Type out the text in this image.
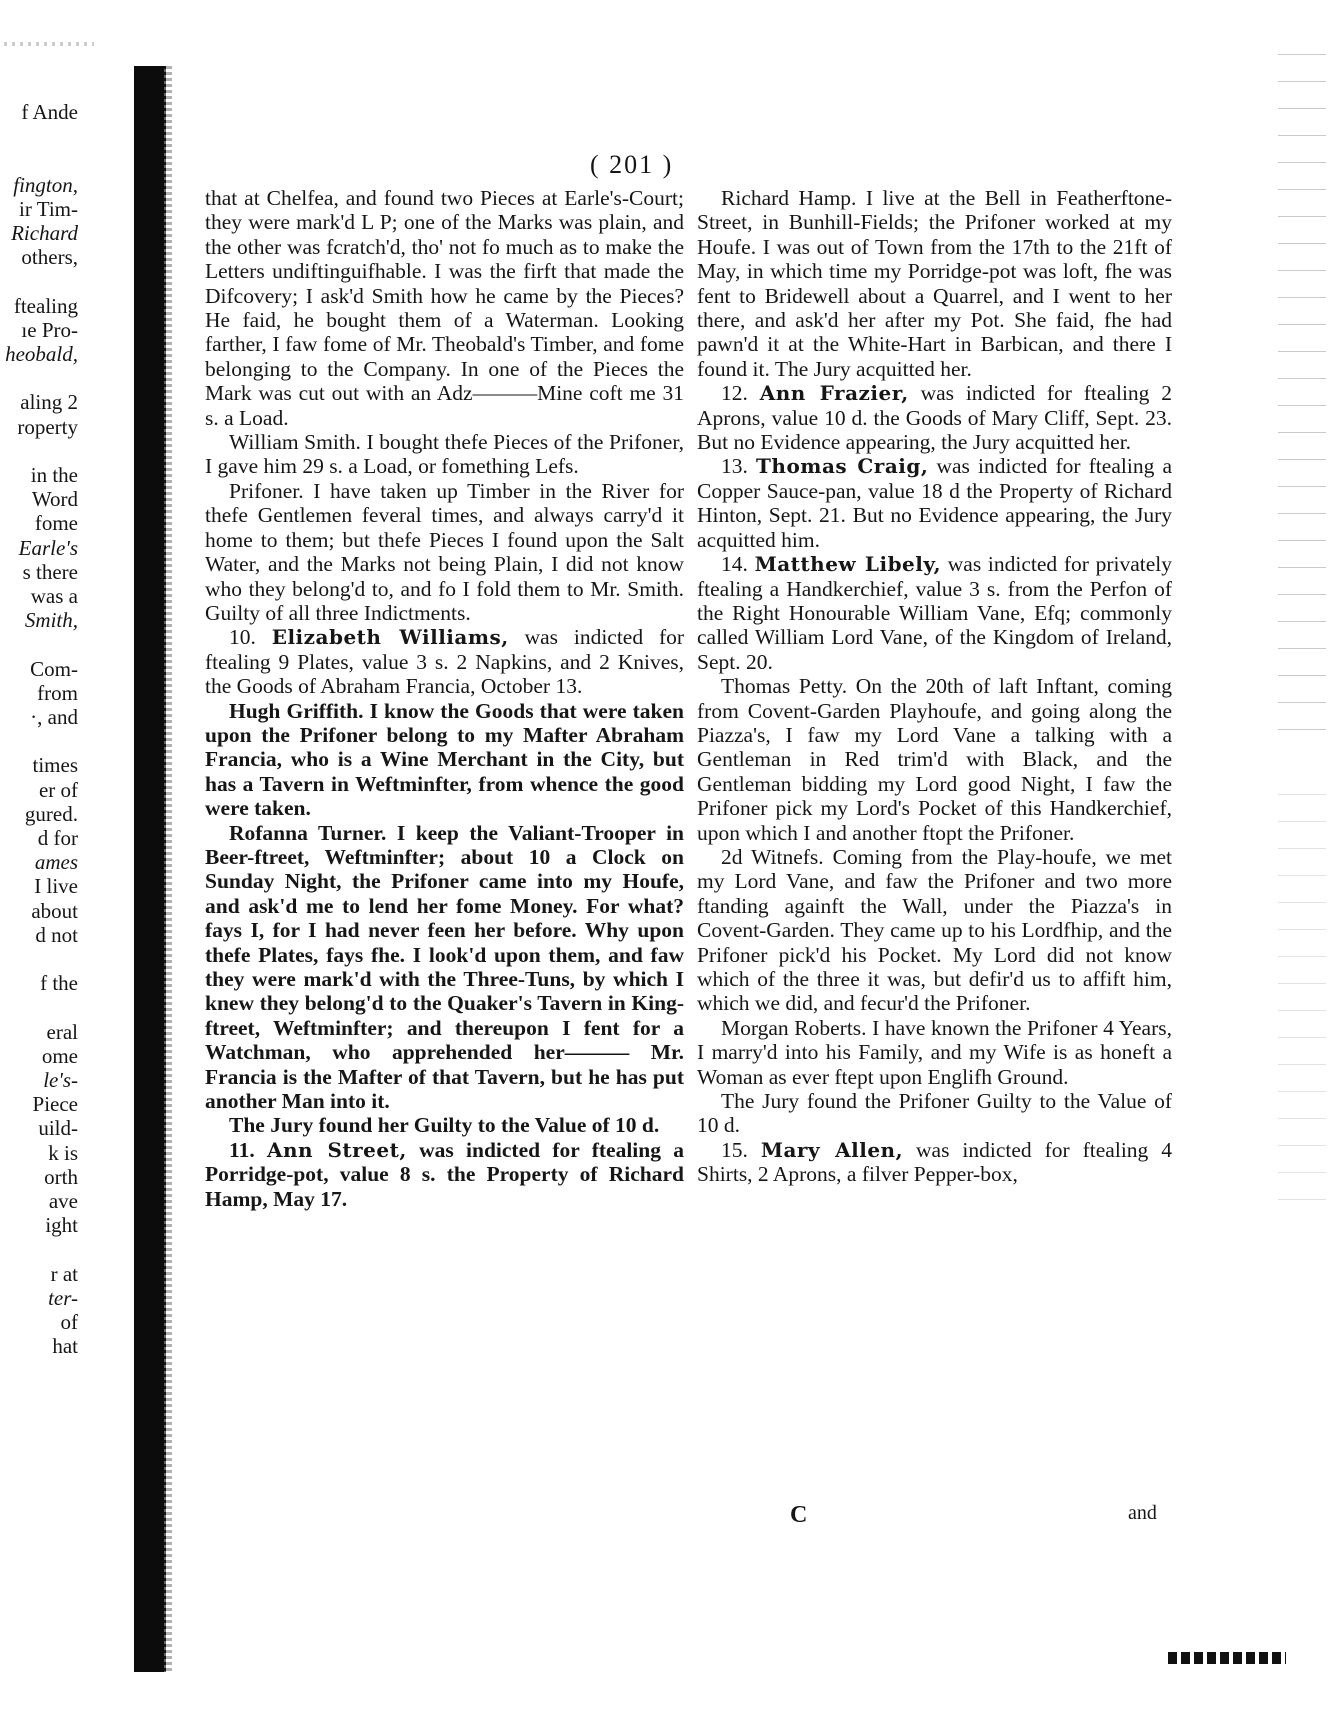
f Ande
fington,
ir Tim-
Richard
others,
ftealing
ıe Pro-
heobald,
aling 2
roperty
in the
Word
fome
Earle's
s there
was a
Smith,
Com-
from
·, and
times
er of
gured.
d for
ames
I live
about
d not
f the
eral
ome
le's-
Piece
uild-
k is
orth
ave
ight
r at
ter-
of
hat
( 201 )

that at Chelfea, and found two Pieces at Earle's-Court; they were mark'd L P; one of the Marks was plain, and the other was fcratch'd, tho' not fo much as to make the Letters undiftinguifhable. I was the firft that made the Difcovery; I ask'd Smith how he came by the Pieces? He faid, he bought them of a Waterman. Looking farther, I faw fome of Mr. Theobald's Timber, and fome belonging to the Company. In one of the Pieces the Mark was cut out with an Adz———Mine coft me 31 s. a Load.

William Smith. I bought thefe Pieces of the Prifoner, I gave him 29 s. a Load, or fomething Lefs.

Prifoner. I have taken up Timber in the River for thefe Gentlemen feveral times, and always carry'd it home to them; but thefe Pieces I found upon the Salt Water, and the Marks not being Plain, I did not know who they belong'd to, and fo I fold them to Mr. Smith. Guilty of all three Indictments.

10. Elizabeth Williams, was indicted for ftealing 9 Plates, value 3 s. 2 Napkins, and 2 Knives, the Goods of Abraham Francia, October 13.

Hugh Griffith. I know the Goods that were taken upon the Prifoner belong to my Mafter Abraham Francia, who is a Wine Merchant in the City, but has a Tavern in Weftminfter, from whence the good were taken.

Rofanna Turner. I keep the Valiant-Trooper in Beer-ftreet, Weftminfter; about 10 a Clock on Sunday Night, the Prifoner came into my Houfe, and ask'd me to lend her fome Money. For what? fays I, for I had never feen her before. Why upon thefe Plates, fays fhe. I look'd upon them, and faw they were mark'd with the Three-Tuns, by which I knew they belong'd to the Quaker's Tavern in King-ftreet, Weftminfter; and thereupon I fent for a Watchman, who apprehended her——— Mr. Francia is the Mafter of that Tavern, but he has put another Man into it.

The Jury found her Guilty to the Value of 10 d.

11. Ann Street, was indicted for ftealing a Porridge-pot, value 8 s. the Property of Richard Hamp, May 17.

Richard Hamp. I live at the Bell in Featherftone-Street, in Bunhill-Fields; the Prifoner worked at my Houfe. I was out of Town from the 17th to the 21ft of May, in which time my Porridge-pot was loft, fhe was fent to Bridewell about a Quarrel, and I went to her there, and ask'd her after my Pot. She faid, fhe had pawn'd it at the White-Hart in Barbican, and there I found it. The Jury acquitted her.

12. Ann Frazier, was indicted for ftealing 2 Aprons, value 10 d. the Goods of Mary Cliff, Sept. 23. But no Evidence appearing, the Jury acquitted her.

13. Thomas Craig, was indicted for ftealing a Copper Sauce-pan, value 18 d the Property of Richard Hinton, Sept. 21. But no Evidence appearing, the Jury acquitted him.

14. Matthew Libely, was indicted for privately ftealing a Handkerchief, value 3 s. from the Perfon of the Right Honourable William Vane, Efq; commonly called William Lord Vane, of the Kingdom of Ireland, Sept. 20.

Thomas Petty. On the 20th of laft Inftant, coming from Covent-Garden Playhoufe, and going along the Piazza's, I faw my Lord Vane a talking with a Gentleman in Red trim'd with Black, and the Gentleman bidding my Lord good Night, I faw the Prifoner pick my Lord's Pocket of this Handkerchief, upon which I and another ftopt the Prifoner.

2d Witnefs. Coming from the Play-houfe, we met my Lord Vane, and faw the Prifoner and two more ftanding againft the Wall, under the Piazza's in Covent-Garden. They came up to his Lordfhip, and the Prifoner pick'd his Pocket. My Lord did not know which of the three it was, but defir'd us to affift him, which we did, and fecur'd the Prifoner.

Morgan Roberts. I have known the Prifoner 4 Years, I marry'd into his Family, and my Wife is as honeft a Woman as ever ftept upon Englifh Ground.

The Jury found the Prifoner Guilty to the Value of 10 d.

15. Mary Allen, was indicted for ftealing 4 Shirts, 2 Aprons, a filver Pepper-box,

C	and
